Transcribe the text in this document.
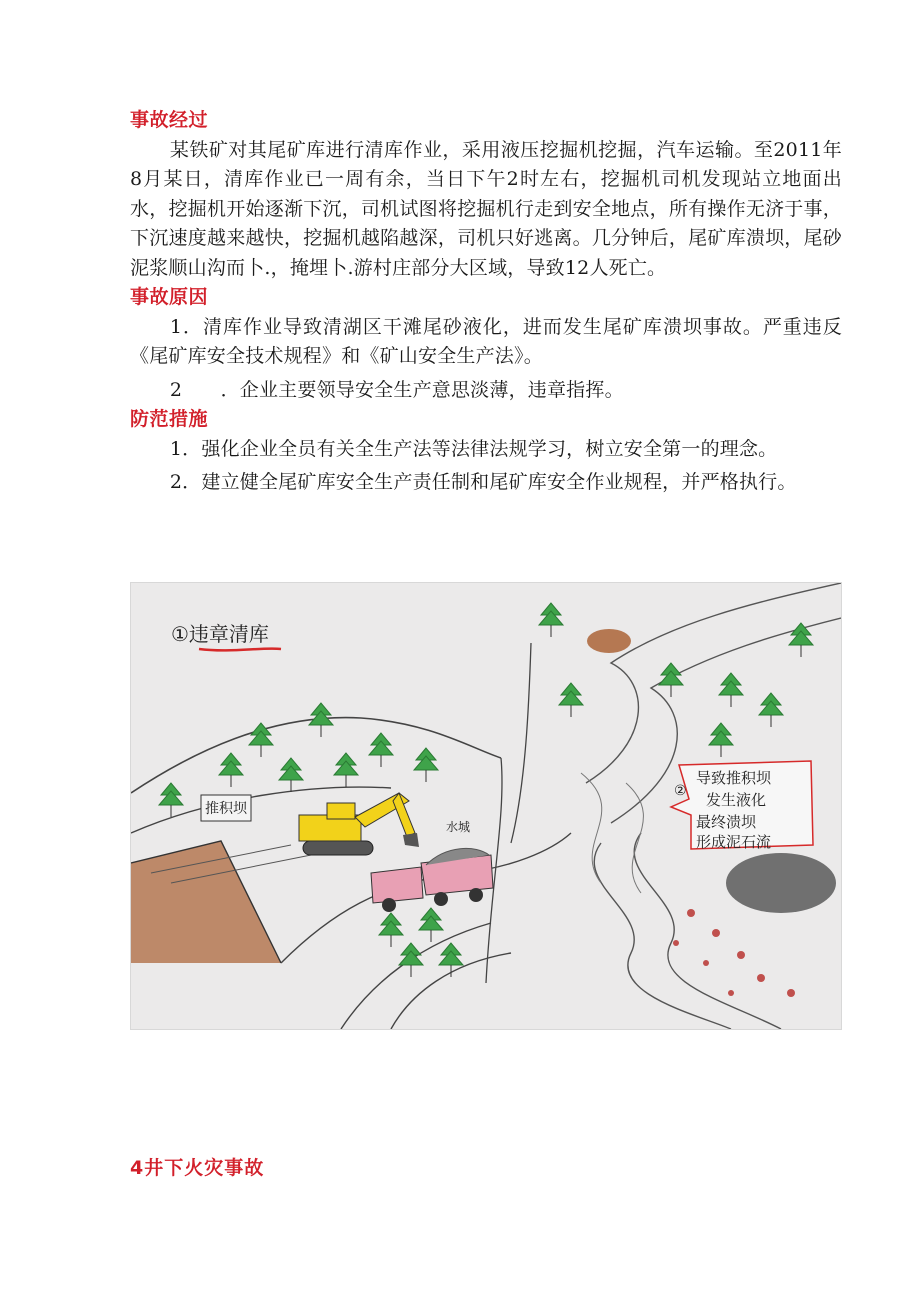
事故经过

某铁矿对其尾矿库进行清库作业，采用液压挖掘机挖掘，汽车运输。至2011年8月某日，清库作业已一周有余，当日下午2时左右，挖掘机司机发现站立地面出水，挖掘机开始逐渐下沉，司机试图将挖掘机行走到安全地点，所有操作无济于事，下沉速度越来越快，挖掘机越陷越深，司机只好逃离。几分钟后，尾矿库溃坝，尾砂泥浆顺山沟而卜.，掩埋卜.游村庄部分大区域，导致12人死亡。

事故原因

1．清库作业导致清湖区干滩尾砂液化，进而发生尾矿库溃坝事故。严重违反《尾矿库安全技术规程》和《矿山安全生产法》。

2　　．企业主要领导安全生产意思淡薄，违章指挥。

防范措施

1．强化企业全员有关全生产法等法律法规学习，树立安全第一的理念。

2．建立健全尾矿库安全生产责任制和尾矿库安全作业规程，并严格执行。

①违章清库
推积坝
水城
②
导致推积坝
发生液化
最终溃坝
形成泥石流
4井下火灾事故
